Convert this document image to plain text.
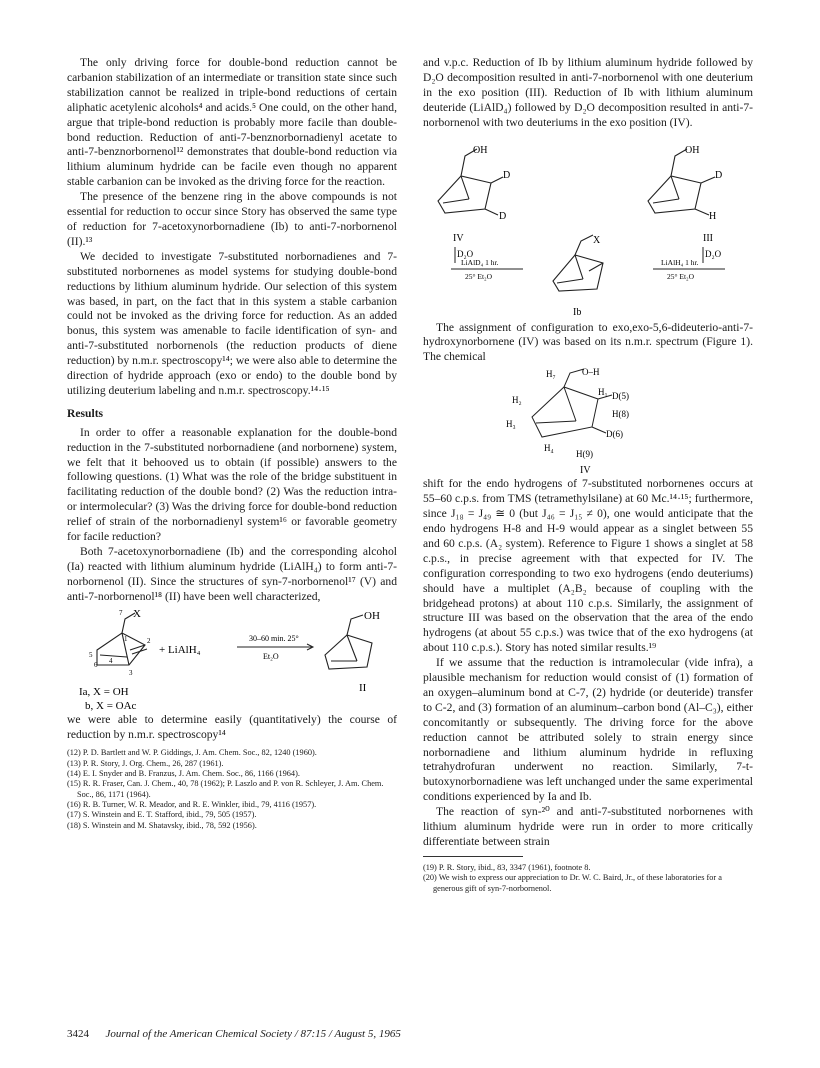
The only driving force for double-bond reduction cannot be carbanion stabilization of an intermediate or transition state since such stabilization cannot be realized in triple-bond reductions of certain aliphatic acetylenic alcohols⁴ and acids.⁵ One could, on the other hand, argue that triple-bond reduction is probably more facile than double-bond reduction. Reduction of anti-7-benznorbornadienyl acetate to anti-7-benznorbornenol¹² demonstrates that double-bond reduction via lithium aluminum hydride can be facile even though no apparent stable carbanion can be invoked as the driving force for the reaction.

The presence of the benzene ring in the above compounds is not essential for reduction to occur since Story has observed the same type of reduction for 7-acetoxynorbornadiene (Ib) to anti-7-norbornenol (II).¹³

We decided to investigate 7-substituted norbornadienes and 7-substituted norbornenes as model systems for studying double-bond reductions by lithium aluminum hydride. Our selection of this system was based, in part, on the fact that in this system a stable carbanion could not be invoked as the driving force for reduction. As an added bonus, this system was amenable to facile identification of syn- and anti-7-substituted norbornenols (the reduction products of diene reduction) by n.m.r. spectroscopy¹⁴; we were also able to determine the direction of hydride approach (exo or endo) to the double bond by utilizing deuterium labeling and n.m.r. spectroscopy.¹⁴·¹⁵

Results

In order to offer a reasonable explanation for the double-bond reduction in the 7-substituted norbornadiene (and norbornene) system, we felt that it behooved us to obtain (if possible) answers to the following questions. (1) What was the role of the bridge substituent in facilitating reduction of the double bond? (2) Was the reduction intra- or intermolecular? (3) Was the driving force for double-bond reduction relief of strain of the norbornadienyl system¹⁶ or favorable geometry for facile reduction?

Both 7-acetoxynorbornadiene (Ib) and the corresponding alcohol (Ia) reacted with lithium aluminum hydride (LiAlH₄) to form anti-7-norbornenol (II). Since the structures of syn-7-norbornenol¹⁷ (V) and anti-7-norbornenol¹⁸ (II) have been well characterized,

X
7
1	2
5
6 4
3
+ LiAlH₄
30–60 min. 25°
Et₂O
OH
II
Ia, X = OH
b, X = OAc

we were able to determine easily (quantitatively) the course of reduction by n.m.r. spectroscopy¹⁴

(12) P. D. Bartlett and W. P. Giddings, J. Am. Chem. Soc., 82, 1240 (1960).
(13) P. R. Story, J. Org. Chem., 26, 287 (1961).
(14) E. I. Snyder and B. Franzus, J. Am. Chem. Soc., 86, 1166 (1964).
(15) R. R. Fraser, Can. J. Chem., 40, 78 (1962); P. Laszlo and P. von R. Schleyer, J. Am. Chem. Soc., 86, 1171 (1964).
(16) R. B. Turner, W. R. Meador, and R. E. Winkler, ibid., 79, 4116 (1957).
(17) S. Winstein and E. T. Stafford, ibid., 79, 505 (1957).
(18) S. Winstein and M. Shatavsky, ibid., 78, 592 (1956).

and v.p.c. Reduction of Ib by lithium aluminum hydride followed by D₂O decomposition resulted in anti-7-norbornenol with one deuterium in the exo position (III). Reduction of Ib with lithium aluminum deuteride (LiAlD₄) followed by D₂O decomposition resulted in anti-7-norbornenol with two deuteriums in the exo position (IV).

OH
D
D
IV
D₂O
OH
D
H
III
D₂O
X
Ib
LiAlD₄ 1 hr.
25° Et₂O
LiAlH₄ 1 hr.
25° Et₂O

The assignment of configuration to exo,exo-5,6-dideuterio-anti-7-hydroxynorbornene (IV) was based on its n.m.r. spectrum (Figure 1). The chemical

H₇	O–H
H₁
H₂
H₃
D(5)
H(8)
D(6)
H₄
H(9)
IV

shift for the endo hydrogens of 7-substituted norbornenes occurs at 55–60 c.p.s. from TMS (tetramethylsilane) at 60 Mc.¹⁴·¹⁵; furthermore, since J₁₈ = J₄₉ ≅ 0 (but J₄₆ = J₁₅ ≠ 0), one would anticipate that the endo hydrogens H-8 and H-9 would appear as a singlet between 55 and 60 c.p.s. (A₂ system). Reference to Figure 1 shows a singlet at 58 c.p.s., in precise agreement with that expected for IV. The configuration corresponding to two exo hydrogens (endo deuteriums) should have a multiplet (A₂B₂ because of coupling with the bridgehead protons) at about 110 c.p.s. Similarly, the assignment of structure III was based on the observation that the area of the endo hydrogens (at about 55 c.p.s.) was twice that of the exo hydrogens (at about 110 c.p.s.). Story has noted similar results.¹⁹

If we assume that the reduction is intramolecular (vide infra), a plausible mechanism for reduction would consist of (1) formation of an oxygen–aluminum bond at C-7, (2) hydride (or deuteride) transfer to C-2, and (3) formation of an aluminum–carbon bond (Al–C₃), either concomitantly or subsequently. The driving force for the above reduction cannot be attributed solely to strain energy since norbornadiene and lithium aluminum hydride in refluxing tetrahydrofuran underwent no reaction. Similarly, 7-t-butoxynorbornadiene was left unchanged under the same experimental conditions experienced by Ia and Ib.

The reaction of syn-²⁰ and anti-7-substituted norbornenes with lithium aluminum hydride were run in order to more critically differentiate between strain

(19) P. R. Story, ibid., 83, 3347 (1961), footnote 8.
(20) We wish to express our appreciation to Dr. W. C. Baird, Jr., of these laboratories for a generous gift of syn-7-norbornenol.
3424 Journal of the American Chemical Society / 87:15 / August 5, 1965
